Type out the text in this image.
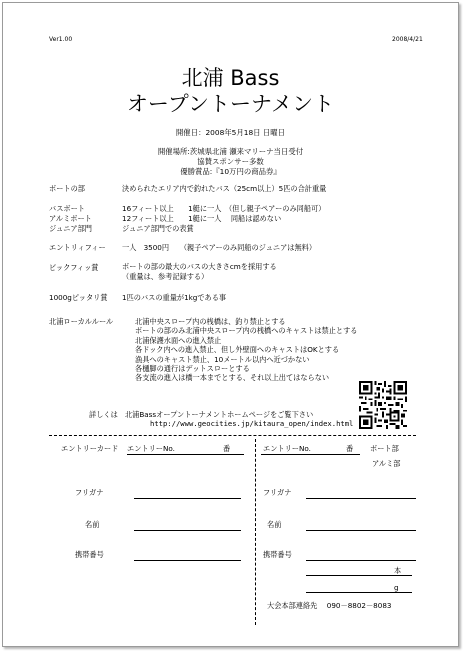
Ver1.00	2008/4/21
北浦 Bass
オープントーナメント
開催日：2008年5月18日 日曜日
開催場所:茨城県北浦 瀬来マリーナ当日受付
協賛スポンサー多数
優勝賞品:『10万円の商品券』
ボートの部	決められたエリア内で釣れたバス（25cm以上）5匹の合計重量
バスボート	16フィート以上　　1艇に一人　（但し親子ペアーのみ同船可）
アルミボート	12フィート以上　　1艇に一人　 同船は認めない
ジュニア部門	ジュニア部門での表賞
エントリィフィー 一人　3500円　　（親子ペアーのみ同船のジュニアは無料）
ビックフィッ賞	ボートの部の最大のバスの大きさcmを採用する
（重量は、参考記録する）
1000gピッタリ賞 1匹のバスの重量が1kgである事
北浦ローカルルール	北浦中央スロープ内の桟橋は、釣り禁止とする
ボートの部のみ北浦中央スロープ内の桟橋へのキャストは禁止とする
北浦保護水面への進入禁止
各ドック内への進入禁止、但し外壁面へのキャストはOKとする
漁具へのキャスト禁止、10メートル以内へ近づかない
各樋脚の通行はデットスローとする
各支流の進入は橋一本までとする、それ以上出てはならない
詳しくは　北浦Bassオープントーナメントホームページをご覧下さい
http://www.geocities.jp/kitaura_open/index.html
エントリーカード エントリーNo.	番	エントリーNo.	番 ボート部
アルミ部
フリガナ	フリガナ
名前	名前
携帯番号	携帯番号
本
g
大会本部連絡先　 090－8802－8083
